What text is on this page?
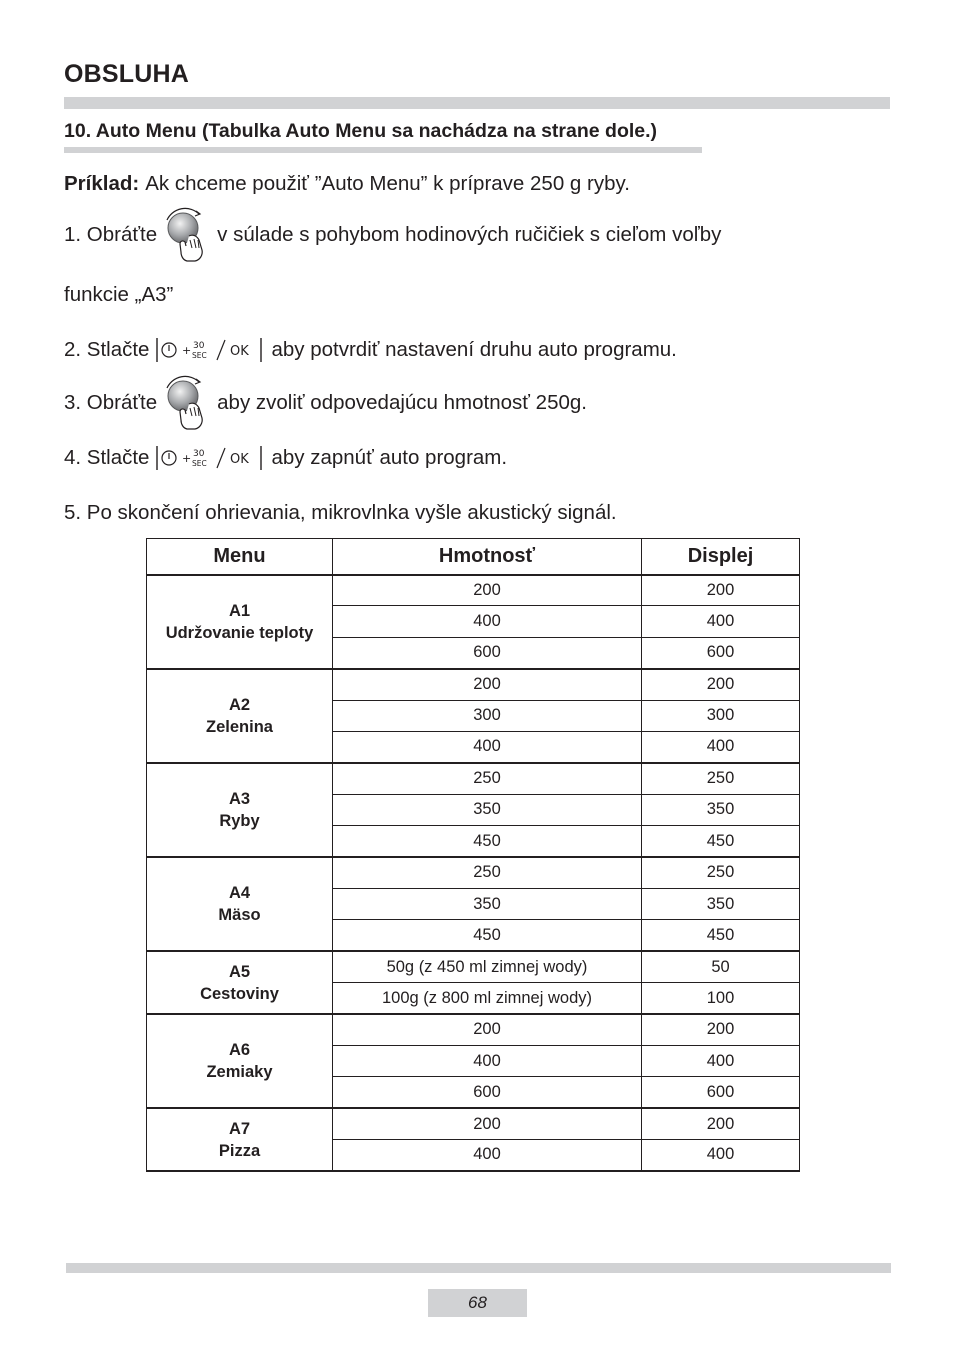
OBSLUHA
10. Auto Menu (Tabulka Auto Menu sa nachádza na strane dole.)
Príklad: Ak chceme použiť ”Auto Menu” k príprave 250 g ryby.
1. Obráťte	v súlade s pohybom hodinových ručičiek s cieľom voľby
funkcie „A3”
2. Stlačte	+ 30
SEC OK aby potvrdiť nastavení druhu auto programu.
3. Obráťte	aby zvoliť odpovedajúcu hmotnosť 250g.
4. Stlačte	+ 30
SEC OK aby zapnúť auto program.
5. Po skončení ohrievania, mikrovlnka vyšle akustický signál.
Menu	Hmotnosť	Displej

A1
Udržovanie teploty	200	200
	400	400
	600	600

A2
Zelenina	200	200
	300	300
	400	400

A3
Ryby	250	250
	350	350
	450	450

A4
Mäso	250	250
	350	350
	450	450

A5
Cestoviny	50g (z 450 ml zimnej wody)	50
	100g (z 800 ml zimnej wody)	100

A6
Zemiaky	200	200
	400	400
	600	600

A7
Pizza	200	200
	400	400
68
